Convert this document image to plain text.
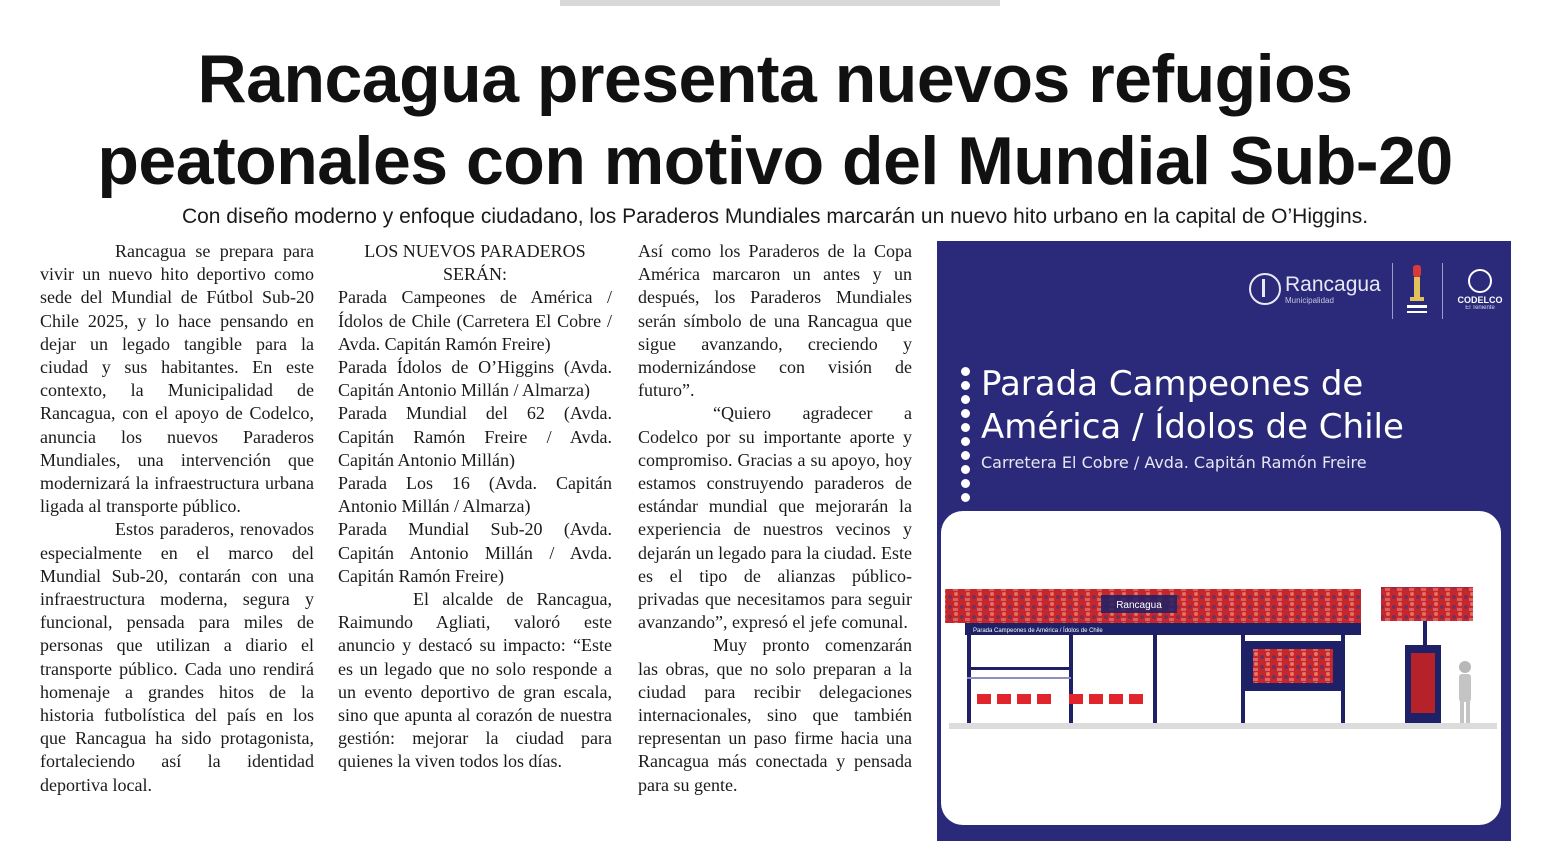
Rancagua presenta nuevos refugios peatonales con motivo del Mundial Sub-20
Con diseño moderno y enfoque ciudadano, los Paraderos Mundiales marcarán un nuevo hito urbano en la capital de O’Higgins.

Rancagua se prepara para vivir un nuevo hito deportivo como sede del Mundial de Fútbol Sub-20 Chile 2025, y lo hace pensando en dejar un legado tangible para la ciudad y sus habitantes. En este contexto, la Municipalidad de Rancagua, con el apoyo de Codelco, anuncia los nuevos Paraderos Mundiales, una intervención que modernizará la infraestructura urbana ligada al transporte público.

Estos paraderos, renovados especialmente en el marco del Mundial Sub-20, contarán con una infraestructura moderna, segura y funcional, pensada para miles de personas que utilizan a diario el transporte público. Cada uno rendirá homenaje a grandes hitos de la historia futbolística del país en los que Rancagua ha sido protagonista, fortaleciendo así la identidad deportiva local.

LOS NUEVOS PARADEROS SERÁN:

Parada Campeones de América / Ídolos de Chile (Carretera El Cobre / Avda. Capitán Ramón Freire)

Parada Ídolos de O’Higgins (Avda. Capitán Antonio Millán / Almarza)

Parada Mundial del 62 (Avda. Capitán Ramón Freire / Avda. Capitán Antonio Millán)

Parada Los 16 (Avda. Capitán Antonio Millán / Almarza)

Parada Mundial Sub-20 (Avda. Capitán Antonio Millán / Avda. Capitán Ramón Freire)

El alcalde de Rancagua, Raimundo Agliati, valoró este anuncio y destacó su impacto: “Este es un legado que no solo responde a un evento deportivo de gran escala, sino que apunta al corazón de nuestra gestión: mejorar la ciudad para quienes la viven todos los días.

Así como los Paraderos de la Copa América marcaron un antes y un después, los Paraderos Mundiales serán símbolo de una Rancagua que sigue avanzando, creciendo y modernizándose con visión de futuro”.

“Quiero agradecer a Codelco por su importante aporte y compromiso. Gracias a su apoyo, hoy estamos construyendo paraderos de estándar mundial que mejorarán la experiencia de nuestros vecinos y dejarán un legado para la ciudad. Este es el tipo de alianzas público-privadas que necesitamos para seguir avanzando”, expresó el jefe comunal.

Muy pronto comenzarán las obras, que no solo preparan a la ciudad para recibir delegaciones internacionales, sino que también representan un paso firme hacia una Rancagua más conectada y pensada para su gente.

Rancagua
Municipalidad	CODELCO
El Teniente
Parada Campeones de
América / Ídolos de Chile
Carretera El Cobre / Avda. Capitán Ramón Freire
Rancagua
Parada Campeones de América / Ídolos de Chile
